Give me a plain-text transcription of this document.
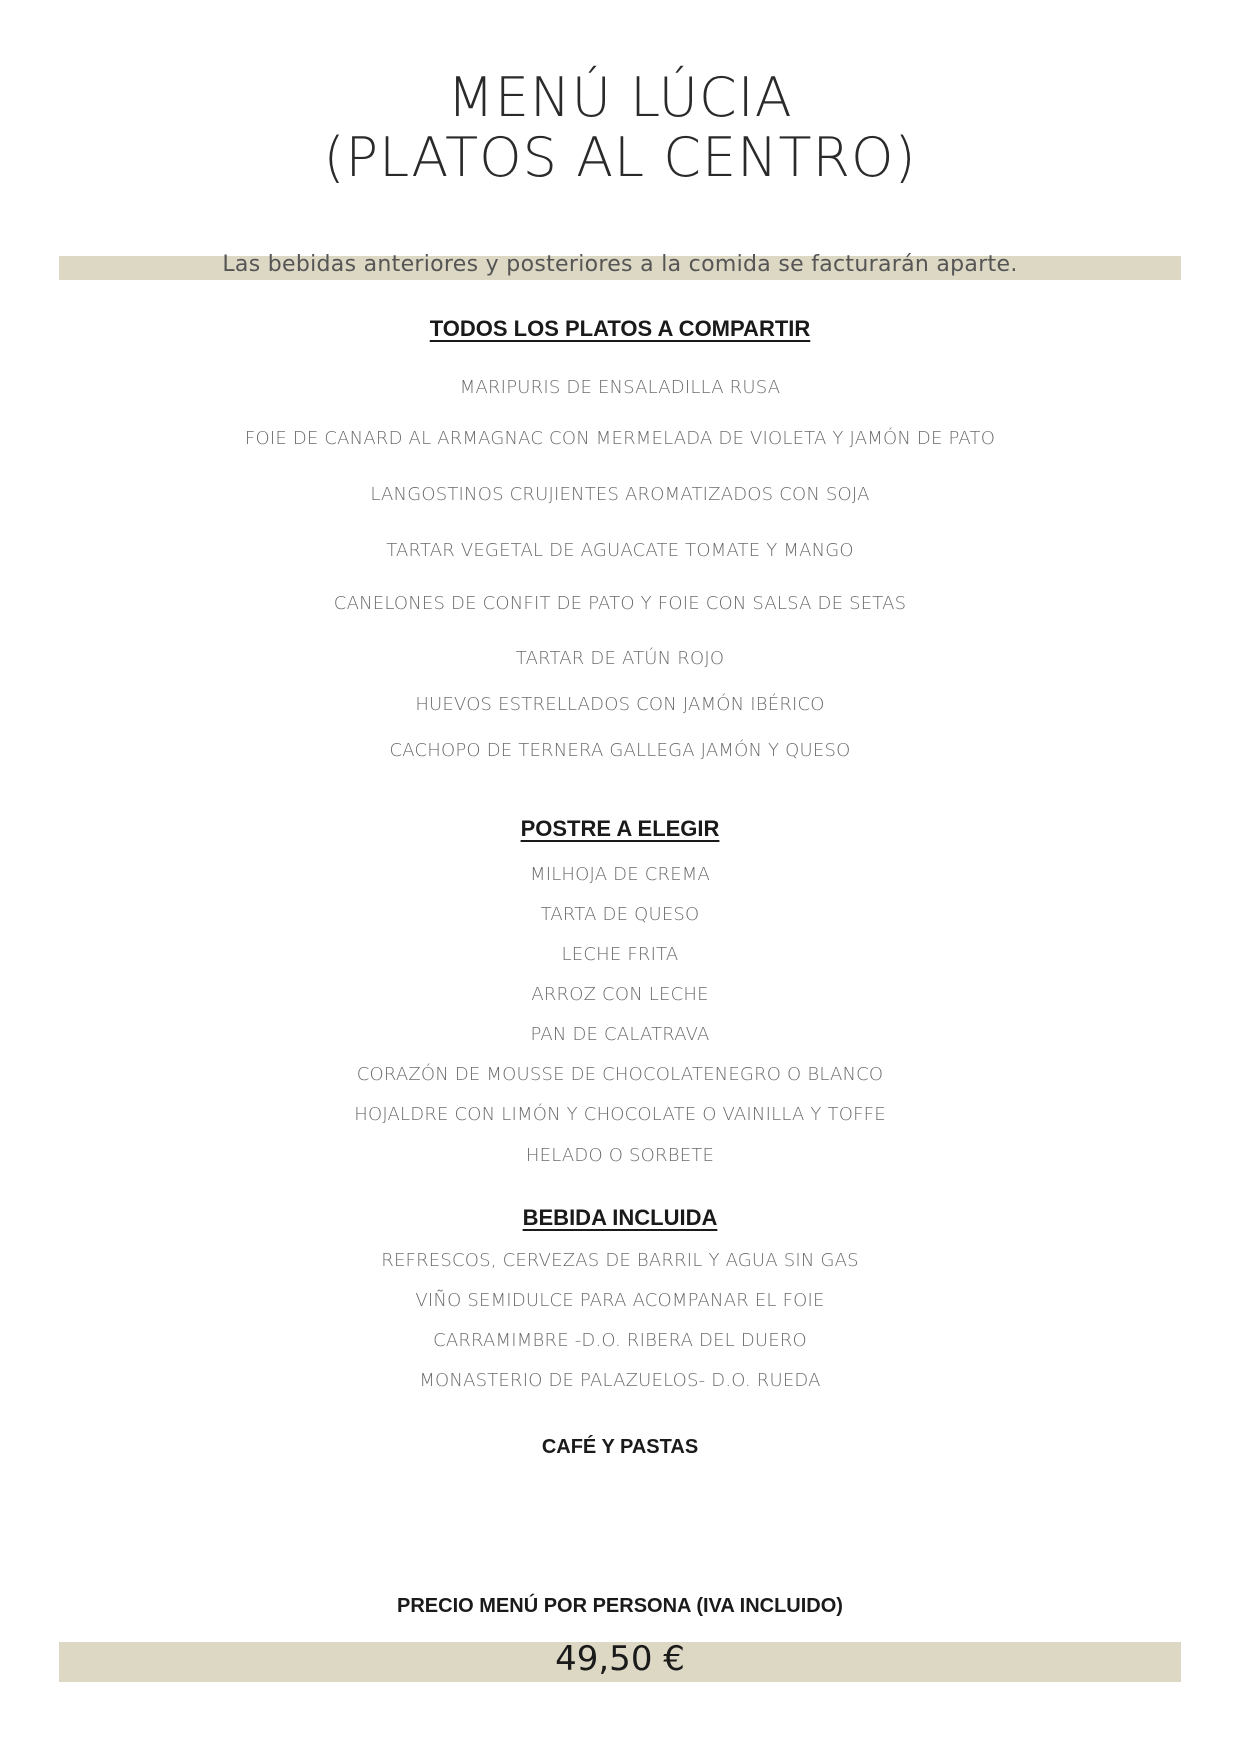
MENÚ LÚCIA
(PLATOS AL CENTRO)
Las bebidas anteriores y posteriores a la comida se facturarán aparte.
TODOS LOS PLATOS A COMPARTIR
MARIPURIS DE ENSALADILLA RUSA
FOIE DE CANARD AL ARMAGNAC CON MERMELADA DE VIOLETA Y JAMÓN DE PATO
LANGOSTINOS CRUJIENTES AROMATIZADOS CON SOJA
TARTAR VEGETAL DE AGUACATE TOMATE Y MANGO
CANELONES DE CONFIT DE PATO Y FOIE CON SALSA DE SETAS
TARTAR DE ATÚN ROJO
HUEVOS ESTRELLADOS CON JAMÓN IBÉRICO
CACHOPO DE TERNERA GALLEGA JAMÓN Y QUESO
POSTRE A ELEGIR
MILHOJA DE CREMA
TARTA DE QUESO
LECHE FRITA
ARROZ CON LECHE
PAN DE CALATRAVA
CORAZÓN DE MOUSSE DE CHOCOLATENEGRO O BLANCO
HOJALDRE CON LIMÓN Y CHOCOLATE O VAINILLA Y TOFFE
HELADO O SORBETE
BEBIDA INCLUIDA
REFRESCOS, CERVEZAS DE BARRIL Y AGUA SIN GAS
VIÑO SEMIDULCE PARA ACOMPANAR EL FOIE
CARRAMIMBRE -D.O. RIBERA DEL DUERO
MONASTERIO DE PALAZUELOS- D.O. RUEDA
CAFÉ Y PASTAS
PRECIO MENÚ POR PERSONA (IVA INCLUIDO)
49,50 €
